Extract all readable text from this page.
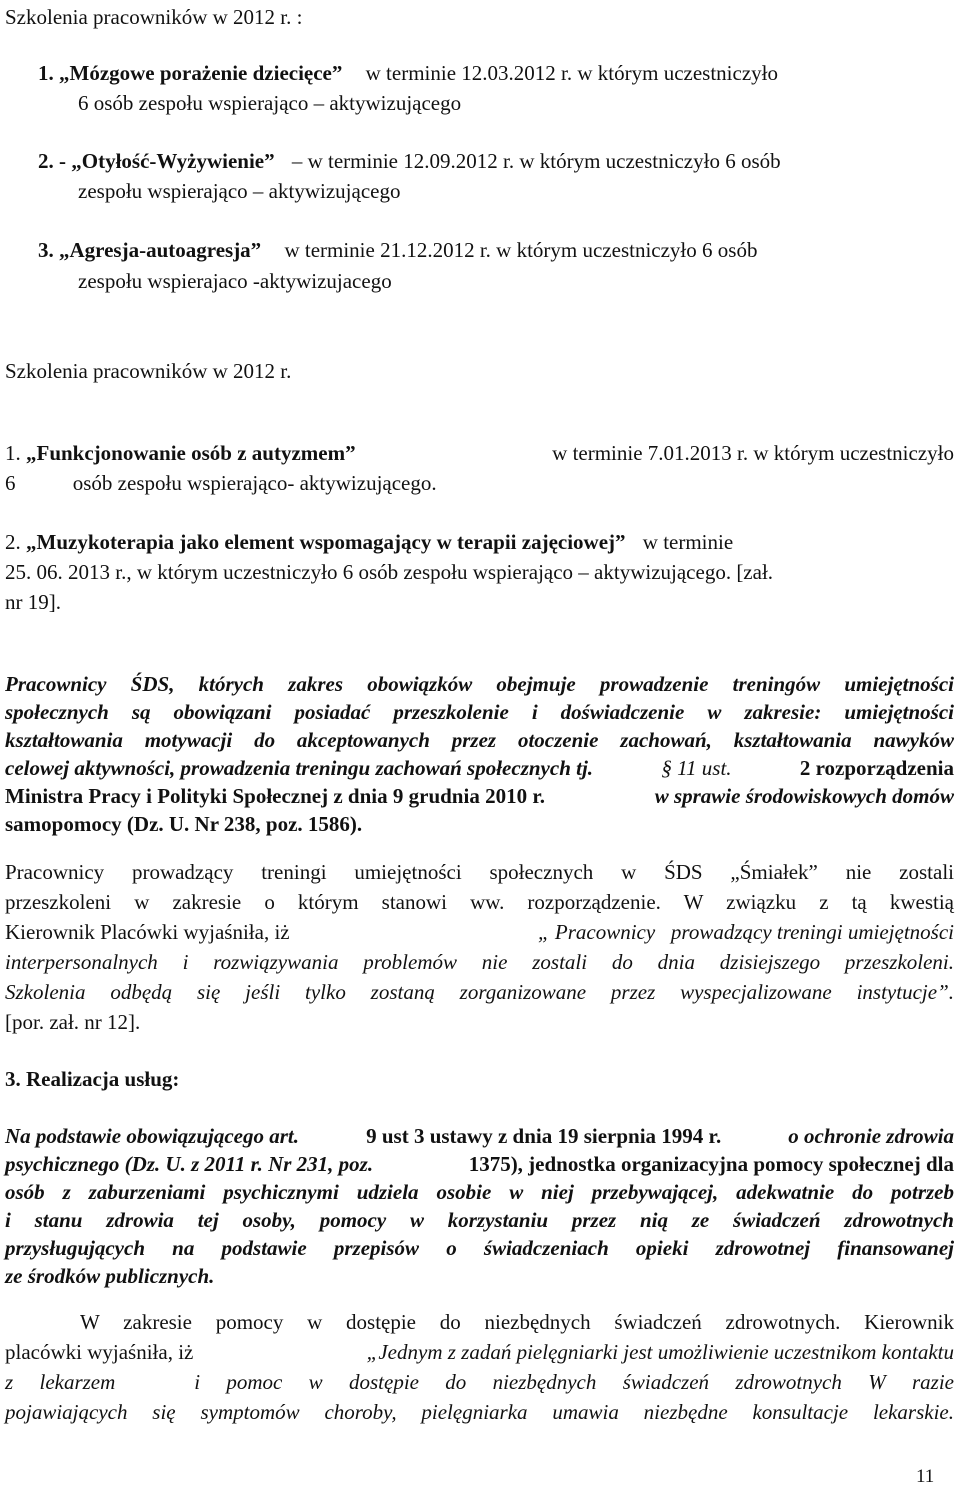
Szkolenia pracowników w 2012 r. :
1. „Mózgowe porażenie dziecięce” w terminie 12.03.2012 r. w którym uczestniczyło
6 osób zespołu wspierająco – aktywizującego
2. - „Otyłość-Wyżywienie” – w terminie 12.09.2012 r. w którym uczestniczyło 6 osób
zespołu wspierająco – aktywizującego
3. „Agresja-autoagresja” w terminie 21.12.2012 r. w którym uczestniczyło 6 osób
zespołu wspierajaco -aktywizujacego
Szkolenia pracowników w 2012 r.
1. „Funkcjonowanie osób z autyzmem”	w terminie 7.01.2013 r. w którym uczestniczyło
6	osób zespołu wspierająco- aktywizującego.
2. „Muzykoterapia jako element wspomagający w terapii zajęciowej” w terminie
25. 06. 2013 r., w którym uczestniczyło 6 osób zespołu wspierająco – aktywizującego. [zał.
nr 19].
Pracownicy ŚDS, których zakres obowiązków obejmuje prowadzenie treningów umiejętności
społecznych są obowiązani posiadać przeszkolenie i doświadczenie w zakresie: umiejętności
kształtowania motywacji do akceptowanych przez otoczenie zachowań, kształtowania nawyków
celowej aktywności, prowadzenia treningu zachowań społecznych tj.	§ 11 ust.	2 rozporządzenia
Ministra Pracy i Polityki Społecznej z dnia 9 grudnia 2010 r.	w sprawie środowiskowych domów
samopomocy (Dz. U. Nr 238, poz. 1586).
Pracownicy prowadzący treningi umiejętności społecznych w ŚDS „Śmiałek” nie zostali
przeszkoleni w zakresie o którym stanowi ww. rozporządzenie. W związku z tą kwestią
Kierownik Placówki wyjaśniła, iż	„ Pracownicy   prowadzący treningi umiejętności
interpersonalnych i rozwiązywania problemów nie zostali do dnia dzisiejszego przeszkoleni.
Szkolenia odbędą się jeśli tylko zostaną zorganizowane przez wyspecjalizowane instytucje”.
[por. zał. nr 12].
3. Realizacja usług:
Na podstawie obowiązującego art.	9 ust 3 ustawy z dnia 19 sierpnia 1994 r.	o ochronie zdrowia
psychicznego (Dz. U. z 2011 r. Nr 231, poz.	1375), jednostka organizacyjna pomocy społecznej dla
osób z zaburzeniami psychicznymi udziela osobie w niej przebywającej, adekwatnie do potrzeb
i stanu zdrowia tej osoby, pomocy w korzystaniu przez nią ze świadczeń zdrowotnych
przysługujących na podstawie przepisów o świadczeniach opieki zdrowotnej finansowanej
ze środków publicznych.
W zakresie pomocy w dostępie do niezbędnych świadczeń zdrowotnych. Kierownik
placówki wyjaśniła, iż	„Jednym z zadań pielęgniarki jest umożliwienie uczestnikom kontaktu
z lekarzem   i pomoc w dostępie do niezbędnych świadczeń zdrowotnych W razie
pojawiających się symptomów choroby, pielęgniarka umawia niezbędne konsultacje lekarskie.
11
